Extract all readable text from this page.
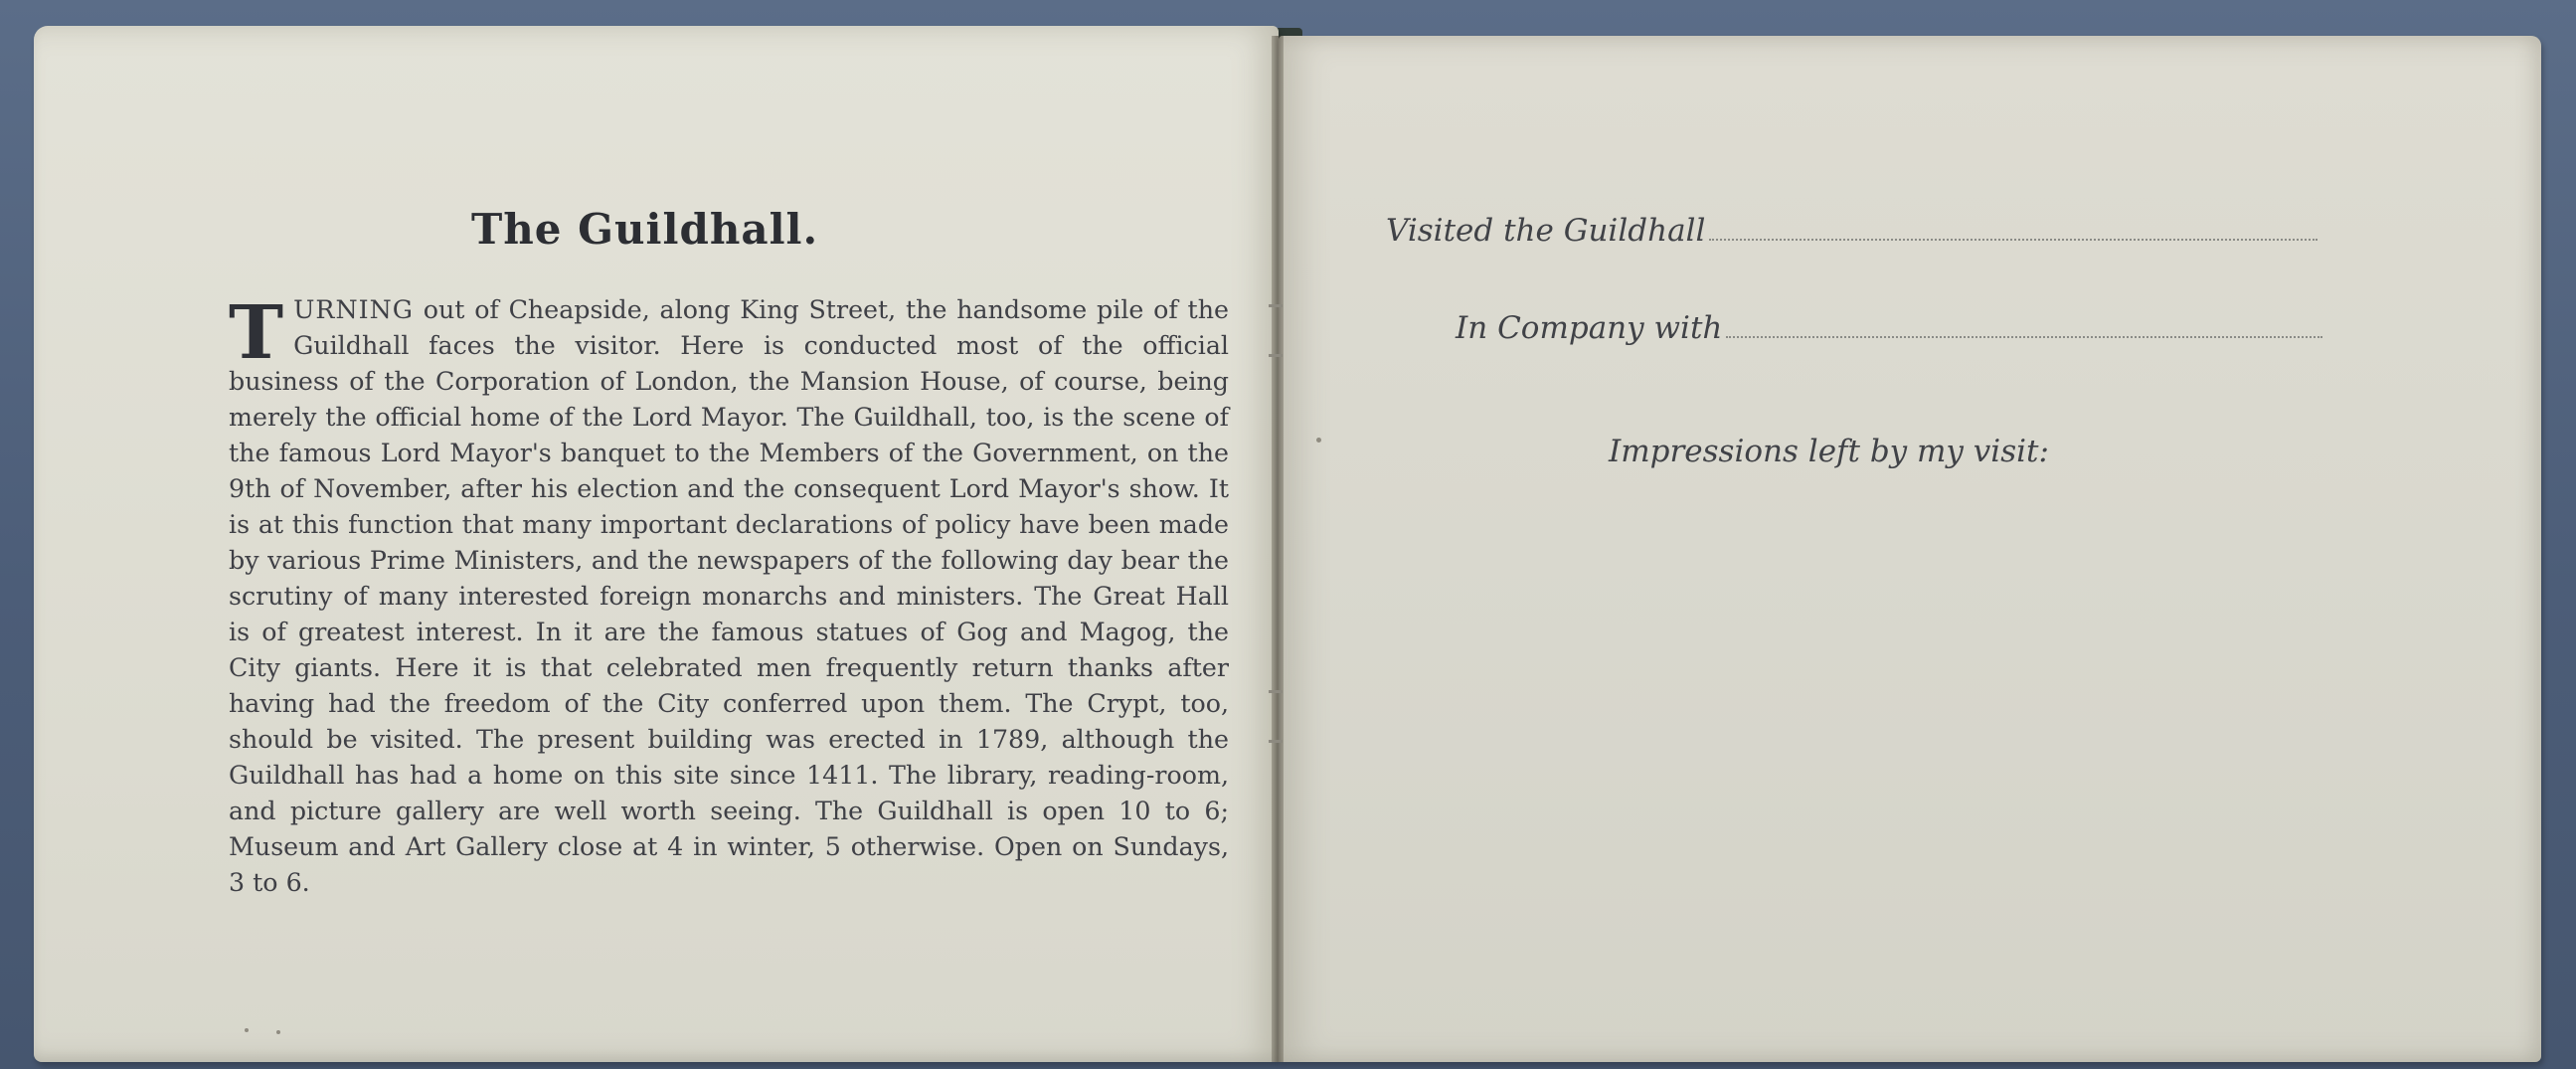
The Guildhall.

TURNING out of Cheapside, along King Street, the handsome pile of the Guildhall faces the visitor. Here is conducted most of the official business of the Corporation of London, the Mansion House, of course, being merely the official home of the Lord Mayor. The Guildhall, too, is the scene of the famous Lord Mayor's banquet to the Members of the Government, on the 9th of November, after his election and the consequent Lord Mayor's show. It is at this function that many important declarations of policy have been made by various Prime Ministers, and the newspapers of the following day bear the scrutiny of many interested foreign monarchs and ministers. The Great Hall is of greatest interest. In it are the famous statues of Gog and Magog, the City giants. Here it is that celebrated men frequently return thanks after having had the freedom of the City conferred upon them. The Crypt, too, should be visited. The present building was erected in 1789, although the Guildhall has had a home on this site since 1411. The library, reading-room, and picture gallery are well worth seeing. The Guildhall is open 10 to 6; Museum and Art Gallery close at 4 in winter, 5 otherwise. Open on Sundays, 3 to 6.

Visited the Guildhall
In Company with
Impressions left by my visit:
